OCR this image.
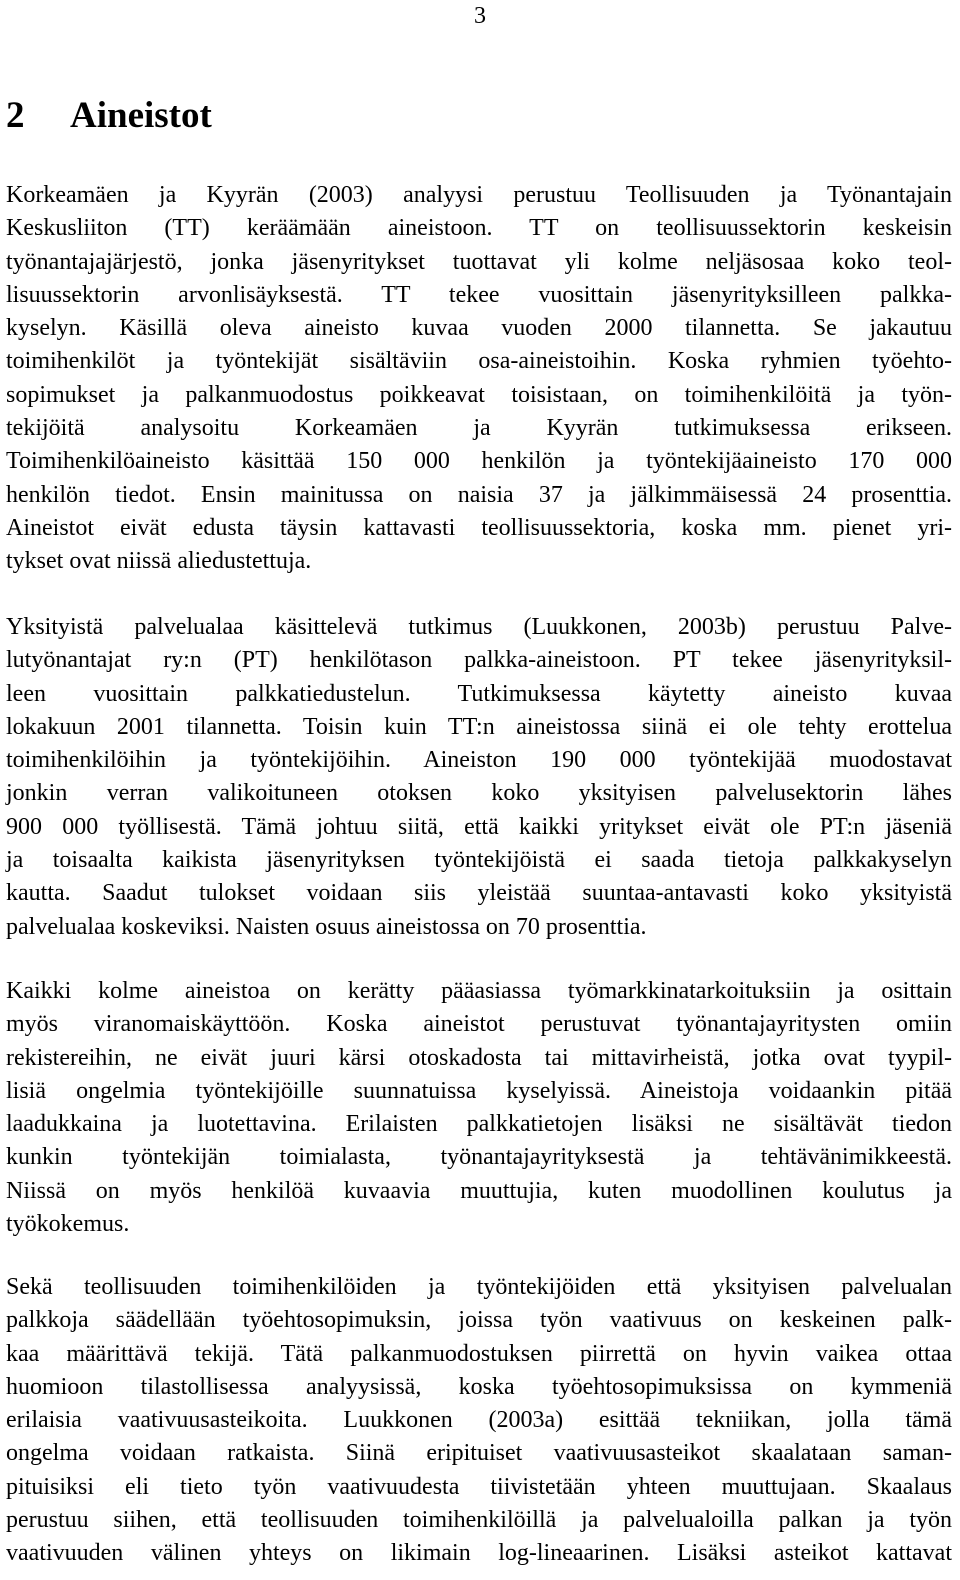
3
2 Aineistot
Korkeamäen ja Kyyrän (2003) analyysi perustuu Teollisuuden ja Työnantajain
Keskusliiton (TT) keräämään aineistoon. TT on teollisuussektorin keskeisin
työnantajajärjestö, jonka jäsenyritykset tuottavat yli kolme neljäsosaa koko teol-
lisuussektorin arvonlisäyksestä. TT tekee vuosittain jäsenyrityksilleen palkka-
kyselyn. Käsillä oleva aineisto kuvaa vuoden 2000 tilannetta. Se jakautuu
toimihenkilöt ja työntekijät sisältäviin osa-aineistoihin. Koska ryhmien työehto-
sopimukset ja palkanmuodostus poikkeavat toisistaan, on toimihenkilöitä ja työn-
tekijöitä analysoitu Korkeamäen ja Kyyrän tutkimuksessa erikseen.
Toimihenkilöaineisto käsittää 150 000 henkilön ja työntekijäaineisto 170 000
henkilön tiedot. Ensin mainitussa on naisia 37 ja jälkimmäisessä 24 prosenttia.
Aineistot eivät edusta täysin kattavasti teollisuussektoria, koska mm. pienet yri-
tykset ovat niissä aliedustettuja.
Yksityistä palvelualaa käsittelevä tutkimus (Luukkonen, 2003b) perustuu Palve-
lutyönantajat ry:n (PT) henkilötason palkka-aineistoon. PT tekee jäsenyrityksil-
leen vuosittain palkkatiedustelun. Tutkimuksessa käytetty aineisto kuvaa
lokakuun 2001 tilannetta. Toisin kuin TT:n aineistossa siinä ei ole tehty erottelua
toimihenkilöihin ja työntekijöihin. Aineiston 190 000 työntekijää muodostavat
jonkin verran valikoituneen otoksen koko yksityisen palvelusektorin lähes
900 000 työllisestä. Tämä johtuu siitä, että kaikki yritykset eivät ole PT:n jäseniä
ja toisaalta kaikista jäsenyrityksen työntekijöistä ei saada tietoja palkkakyselyn
kautta. Saadut tulokset voidaan siis yleistää suuntaa-antavasti koko yksityistä
palvelualaa koskeviksi. Naisten osuus aineistossa on 70 prosenttia.
Kaikki kolme aineistoa on kerätty pääasiassa työmarkkinatarkoituksiin ja osittain
myös viranomaiskäyttöön. Koska aineistot perustuvat työnantajayritysten omiin
rekistereihin, ne eivät juuri kärsi otoskadosta tai mittavirheistä, jotka ovat tyypil-
lisiä ongelmia työntekijöille suunnatuissa kyselyissä. Aineistoja voidaankin pitää
laadukkaina ja luotettavina. Erilaisten palkkatietojen lisäksi ne sisältävät tiedon
kunkin työntekijän toimialasta, työnantajayrityksestä ja tehtävänimikkeestä.
Niissä on myös henkilöä kuvaavia muuttujia, kuten muodollinen koulutus ja
työkokemus.
Sekä teollisuuden toimihenkilöiden ja työntekijöiden että yksityisen palvelualan
palkkoja säädellään työehtosopimuksin, joissa työn vaativuus on keskeinen palk-
kaa määrittävä tekijä. Tätä palkanmuodostuksen piirrettä on hyvin vaikea ottaa
huomioon tilastollisessa analyysissä, koska työehtosopimuksissa on kymmeniä
erilaisia vaativuusasteikoita. Luukkonen (2003a) esittää tekniikan, jolla tämä
ongelma voidaan ratkaista. Siinä eripituiset vaativuusasteikot skaalataan saman-
pituisiksi eli tieto työn vaativuudesta tiivistetään yhteen muuttujaan. Skaalaus
perustuu siihen, että teollisuuden toimihenkilöillä ja palvelualoilla palkan ja työn
vaativuuden välinen yhteys on likimain log-lineaarinen. Lisäksi asteikot kattavat
